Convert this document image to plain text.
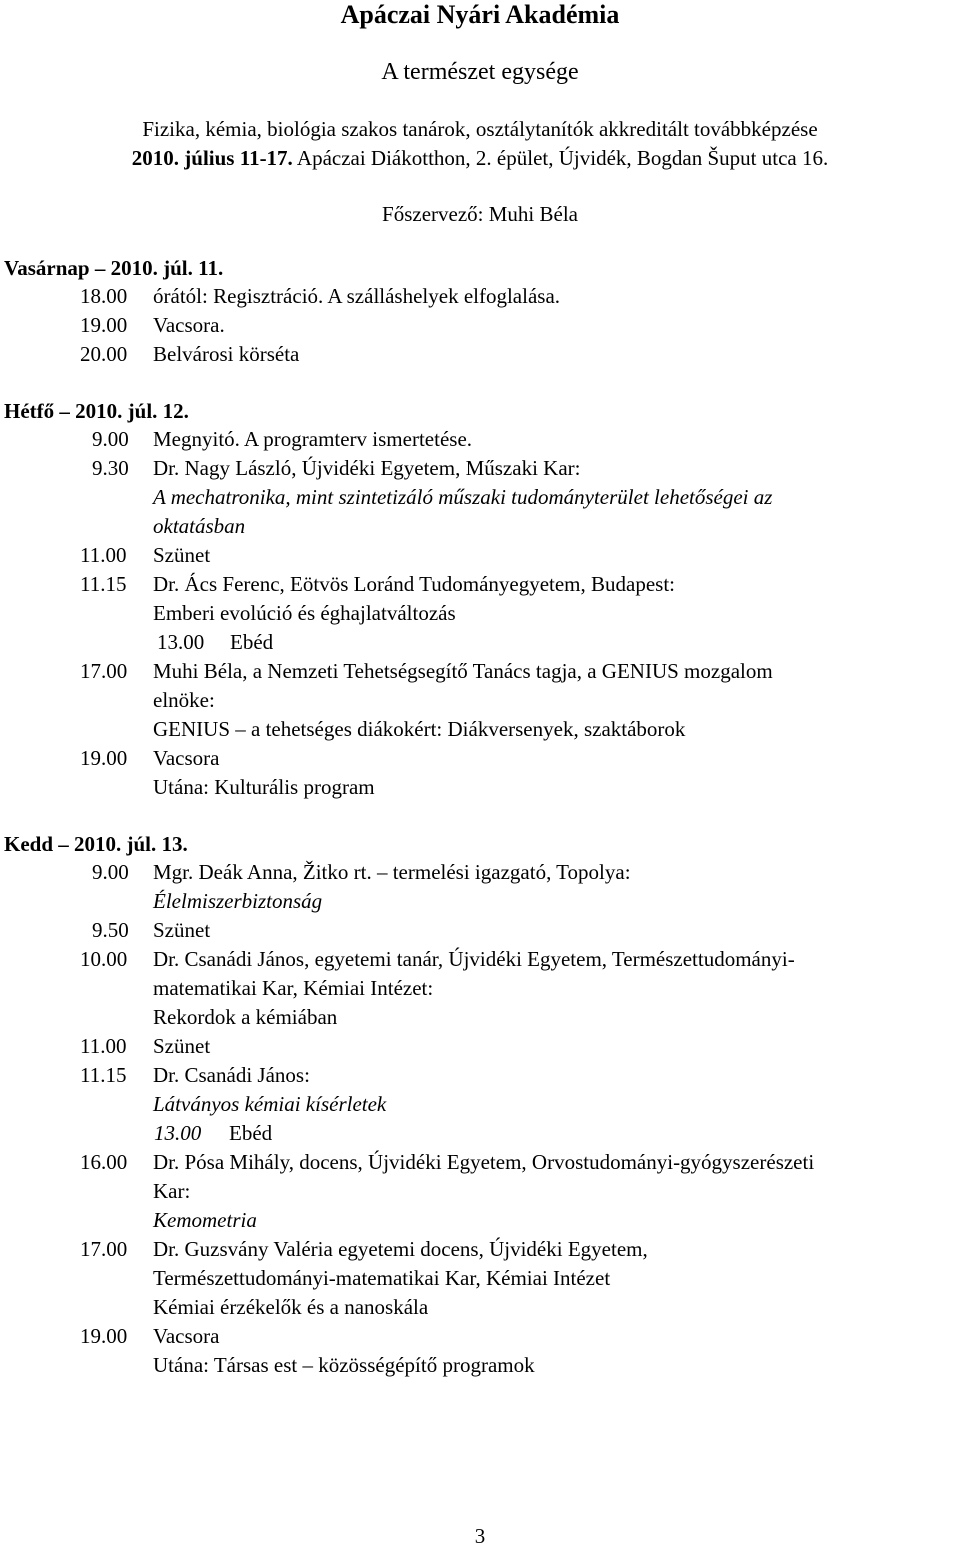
Apáczai Nyári Akadémia
A természet egysége
Fizika, kémia, biológia szakos tanárok, osztálytanítók akkreditált továbbképzése
2010. július 11-17. Apáczai Diákotthon, 2. épület, Újvidék, Bogdan Šuput utca 16.
Főszervező: Muhi Béla
Vasárnap – 2010. júl. 11.
18.00 órától: Regisztráció. A szálláshelyek elfoglalása.
19.00 Vacsora.
20.00 Belvárosi körséta
Hétfő – 2010. júl. 12.
9.00 Megnyitó. A programterv ismertetése.
9.30 Dr. Nagy László, Újvidéki Egyetem, Műszaki Kar:
A mechatronika, mint szintetizáló műszaki tudományterület lehetőségei az
oktatásban
11.00 Szünet
11.15 Dr. Ács Ferenc, Eötvös Loránd Tudományegyetem, Budapest:
Emberi evolúció és éghajlatváltozás
13.00 Ebéd
17.00 Muhi Béla, a Nemzeti Tehetségsegítő Tanács tagja, a GENIUS mozgalom
elnöke:
GENIUS – a tehetséges diákokért: Diákversenyek, szaktáborok
19.00 Vacsora
Utána: Kulturális program
Kedd – 2010. júl. 13.
9.00 Mgr. Deák Anna, Žitko rt. – termelési igazgató, Topolya:
Élelmiszerbiztonság
9.50 Szünet
10.00 Dr. Csanádi János, egyetemi tanár, Újvidéki Egyetem, Természettudományi-
matematikai Kar, Kémiai Intézet:
Rekordok a kémiában
11.00 Szünet
11.15 Dr. Csanádi János:
Látványos kémiai kísérletek
13.00 Ebéd
16.00 Dr. Pósa Mihály, docens, Újvidéki Egyetem, Orvostudományi-gyógyszerészeti
Kar:
Kemometria
17.00 Dr. Guzsvány Valéria egyetemi docens, Újvidéki Egyetem,
Természettudományi-matematikai Kar, Kémiai Intézet
Kémiai érzékelők és a nanoskála
19.00 Vacsora
Utána: Társas est – közösségépítő programok
3
